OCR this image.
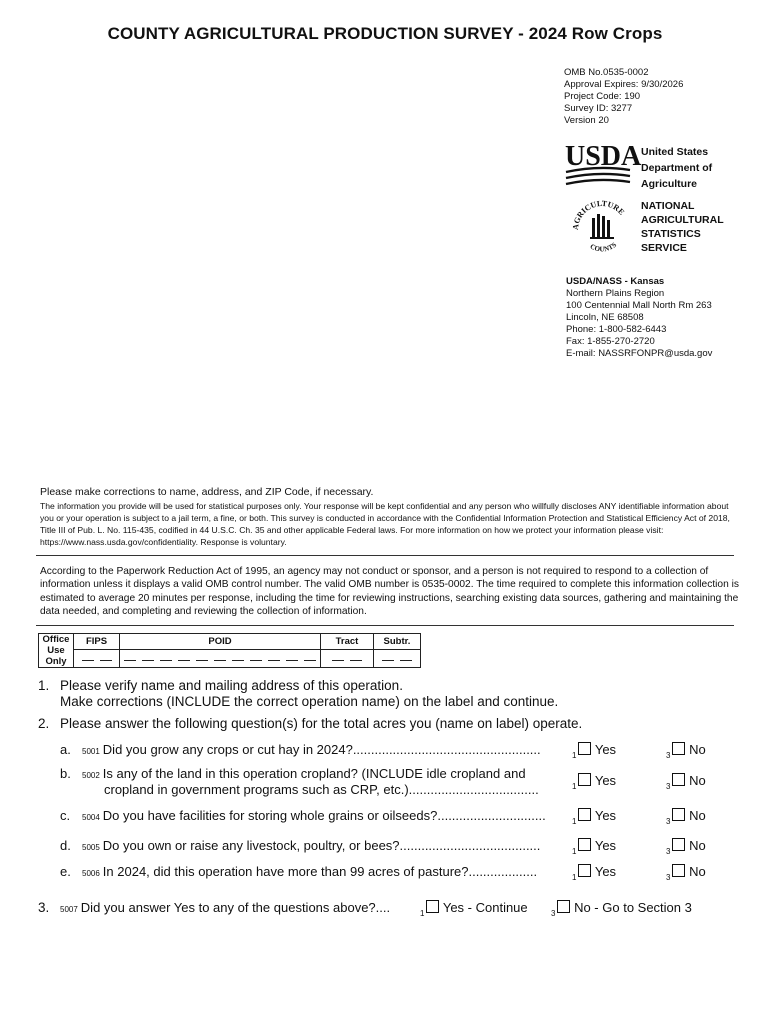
COUNTY AGRICULTURAL PRODUCTION SURVEY - 2024 Row Crops
OMB No.0535-0002
Approval Expires: 9/30/2026
Project Code: 190
Survey ID: 3277
Version 20
USDA United States
Department of
Agriculture
AGRICULTURE
COUNTS
NATIONAL
AGRICULTURAL
STATISTICS
SERVICE
USDA/NASS - Kansas
Northern Plains Region
100 Centennial Mall North Rm 263
Lincoln, NE 68508
Phone: 1-800-582-6443
Fax: 1-855-270-2720
E-mail: NASSRFONPR@usda.gov
Please make corrections to name, address, and ZIP Code, if necessary.
The information you provide will be used for statistical purposes only. Your response will be kept confidential and any person who willfully discloses ANY identifiable information about you or your operation is subject to a jail term, a fine, or both. This survey is conducted in accordance with the Confidential Information Protection and Statistical Efficiency Act of 2018, Title III of Pub. L. No. 115-435, codified in 44 U.S.C. Ch. 35 and other applicable Federal laws. For more information on how we protect your information please visit: https://www.nass.usda.gov/confidentiality. Response is voluntary.
According to the Paperwork Reduction Act of 1995, an agency may not conduct or sponsor, and a person is not required to respond to a collection of information unless it displays a valid OMB control number. The valid OMB number is 0535-0002. The time required to complete this information collection is estimated to average 20 minutes per response, including the time for reviewing instructions, searching existing data sources, gathering and maintaining the data needed, and completing and reviewing the collection of information.
Office
Use
Only	FIPS	POID	Tract	Subtr.

1. Please verify name and mailing address of this operation.
Make corrections (INCLUDE the correct operation name) on the label and continue.
2. Please answer the following question(s) for the total acres you (name on label) operate.
a. 5001 Did you grow any crops or cut hay in 2024?....................................................	$_1$ Yes	$_3$ No
b. 5002 Is any of the land in this operation cropland? (INCLUDE idle cropland and
cropland in government programs such as CRP, etc.)....................................	$_1$ Yes	$_3$ No
c. 5004 Do you have facilities for storing whole grains or oilseeds?..............................	$_1$ Yes	$_3$ No
d. 5005 Do you own or raise any livestock, poultry, or bees?.......................................	$_1$ Yes	$_3$ No
e. 5006 In 2024, did this operation have more than 99 acres of pasture?...................	$_1$ Yes	$_3$ No
3. 5007 Did you answer Yes to any of the questions above?....	$_1$ Yes - Continue	$_3$ No - Go to Section 3
